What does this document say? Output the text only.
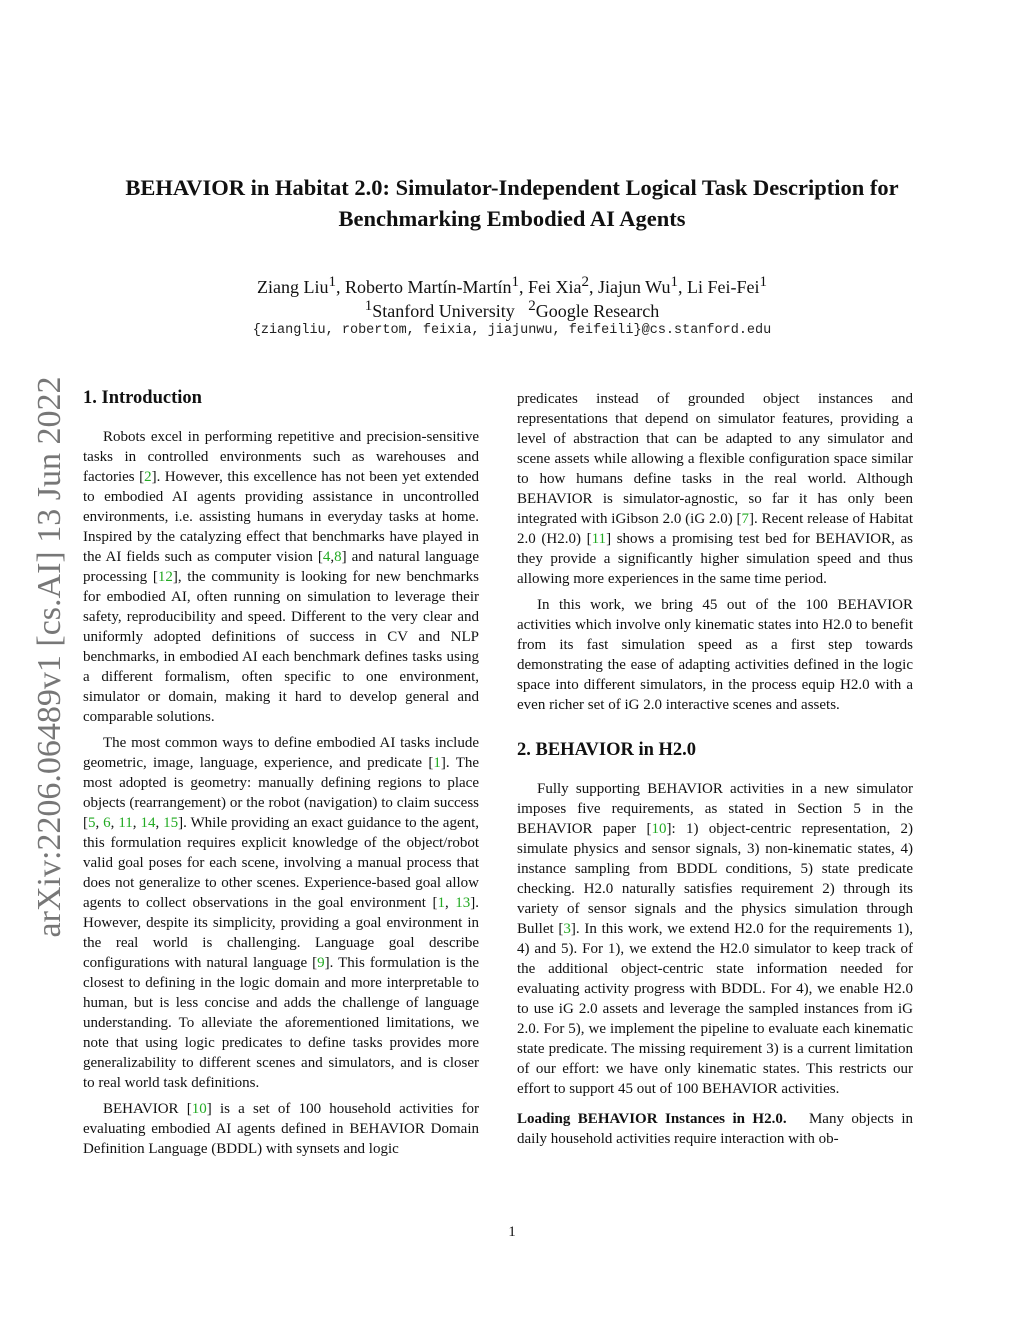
arXiv:2206.06489v1 [cs.AI] 13 Jun 2022
BEHAVIOR in Habitat 2.0: Simulator-Independent Logical Task Description for
Benchmarking Embodied AI Agents
Ziang Liu$^1$, Roberto Martín-Martín$^1$, Fei Xia$^2$, Jiajun Wu$^1$, Li Fei-Fei$^1$
$^1$Stanford University $^2$Google Research
{ziangliu, robertom, feixia, jiajunwu, feifeili}@cs.stanford.edu
1. Introduction

Robots excel in performing repetitive and precision-sensitive tasks in controlled environments such as warehouses and factories [2]. However, this excellence has not been yet extended to embodied AI agents providing assistance in uncontrolled environments, i.e. assisting humans in everyday tasks at home. Inspired by the catalyzing effect that benchmarks have played in the AI fields such as computer vision [4,8] and natural language processing [12], the community is looking for new benchmarks for embodied AI, often running on simulation to leverage their safety, reproducibility and speed. Different to the very clear and uniformly adopted definitions of success in CV and NLP benchmarks, in embodied AI each benchmark defines tasks using a different formalism, often specific to one environment, simulator or domain, making it hard to develop general and comparable solutions.

The most common ways to define embodied AI tasks include geometric, image, language, experience, and predicate [1]. The most adopted is geometry: manually defining regions to place objects (rearrangement) or the robot (navigation) to claim success [5, 6, 11, 14, 15]. While providing an exact guidance to the agent, this formulation requires explicit knowledge of the object/robot valid goal poses for each scene, involving a manual process that does not generalize to other scenes. Experience-based goal allow agents to collect observations in the goal environment [1, 13]. However, despite its simplicity, providing a goal environment in the real world is challenging. Language goal describe configurations with natural language [9]. This formulation is the closest to defining in the logic domain and more interpretable to human, but is less concise and adds the challenge of language understanding. To alleviate the aforementioned limitations, we note that using logic predicates to define tasks provides more generalizability to different scenes and simulators, and is closer to real world task definitions.

BEHAVIOR [10] is a set of 100 household activities for evaluating embodied AI agents defined in BEHAVIOR Domain Definition Language (BDDL) with synsets and logic

predicates instead of grounded object instances and representations that depend on simulator features, providing a level of abstraction that can be adapted to any simulator and scene assets while allowing a flexible configuration space similar to how humans define tasks in the real world. Although BEHAVIOR is simulator-agnostic, so far it has only been integrated with iGibson 2.0 (iG 2.0) [7]. Recent release of Habitat 2.0 (H2.0) [11] shows a promising test bed for BEHAVIOR, as they provide a significantly higher simulation speed and thus allowing more experiences in the same time period.

In this work, we bring 45 out of the 100 BEHAVIOR activities which involve only kinematic states into H2.0 to benefit from its fast simulation speed as a first step towards demonstrating the ease of adapting activities defined in the logic space into different simulators, in the process equip H2.0 with a even richer set of iG 2.0 interactive scenes and assets.

2. BEHAVIOR in H2.0

Fully supporting BEHAVIOR activities in a new simulator imposes five requirements, as stated in Section 5 in the BEHAVIOR paper [10]: 1) object-centric representation, 2) simulate physics and sensor signals, 3) non-kinematic states, 4) instance sampling from BDDL conditions, 5) state predicate checking. H2.0 naturally satisfies requirement 2) through its variety of sensor signals and the physics simulation through Bullet [3]. In this work, we extend H2.0 for the requirements 1), 4) and 5). For 1), we extend the H2.0 simulator to keep track of the additional object-centric state information needed for evaluating activity progress with BDDL. For 4), we enable H2.0 to use iG 2.0 assets and leverage the sampled instances from iG 2.0. For 5), we implement the pipeline to evaluate each kinematic state predicate. The missing requirement 3) is a current limitation of our effort: we have only kinematic states. This restricts our effort to support 45 out of 100 BEHAVIOR activities.

Loading BEHAVIOR Instances in H2.0. Many objects in daily household activities require interaction with ob-

1
